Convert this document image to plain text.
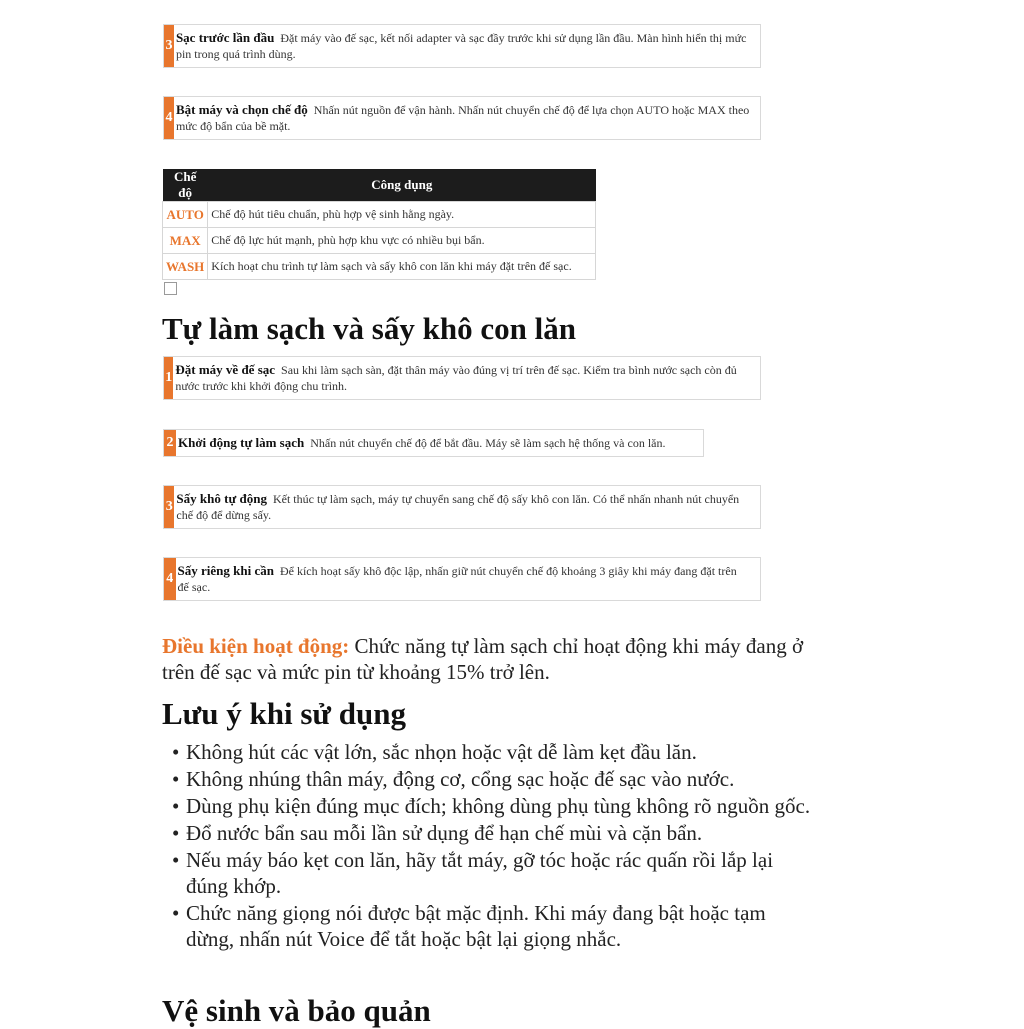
3
Sạc trước lần đầu Đặt máy vào đế sạc, kết nối adapter và sạc đầy trước khi sử dụng lần đầu. Màn hình hiển thị mức pin trong quá trình dùng.
4
Bật máy và chọn chế độ Nhấn nút nguồn để vận hành. Nhấn nút chuyển chế độ để lựa chọn AUTO hoặc MAX theo mức độ bẩn của bề mặt.
Chế độ	Công dụng
AUTO	Chế độ hút tiêu chuẩn, phù hợp vệ sinh hằng ngày.
MAX	Chế độ lực hút mạnh, phù hợp khu vực có nhiều bụi bẩn.
WASH	Kích hoạt chu trình tự làm sạch và sấy khô con lăn khi máy đặt trên đế sạc.
Tự làm sạch và sấy khô con lăn
1
Đặt máy về đế sạc Sau khi làm sạch sàn, đặt thân máy vào đúng vị trí trên đế sạc. Kiểm tra bình nước sạch còn đủ nước trước khi khởi động chu trình.
2 Khởi động tự làm sạch Nhấn nút chuyển chế độ để bắt đầu. Máy sẽ làm sạch hệ thống và con lăn.
3
Sấy khô tự động Kết thúc tự làm sạch, máy tự chuyển sang chế độ sấy khô con lăn. Có thể nhấn nhanh nút chuyển chế độ để dừng sấy.
4
Sấy riêng khi cần Để kích hoạt sấy khô độc lập, nhấn giữ nút chuyển chế độ khoảng 3 giây khi máy đang đặt trên đế sạc.

Điều kiện hoạt động: Chức năng tự làm sạch chỉ hoạt động khi máy đang ở trên đế sạc và mức pin từ khoảng 15% trở lên.

Lưu ý khi sử dụng
• Không hút các vật lớn, sắc nhọn hoặc vật dễ làm kẹt đầu lăn.
• Không nhúng thân máy, động cơ, cổng sạc hoặc đế sạc vào nước.
• Dùng phụ kiện đúng mục đích; không dùng phụ tùng không rõ nguồn gốc.
• Đổ nước bẩn sau mỗi lần sử dụng để hạn chế mùi và cặn bẩn.
• Nếu máy báo kẹt con lăn, hãy tắt máy, gỡ tóc hoặc rác quấn rồi lắp lại đúng khớp.
• Chức năng giọng nói được bật mặc định. Khi máy đang bật hoặc tạm dừng, nhấn nút Voice để tắt hoặc bật lại giọng nhắc.
Vệ sinh và bảo quản
